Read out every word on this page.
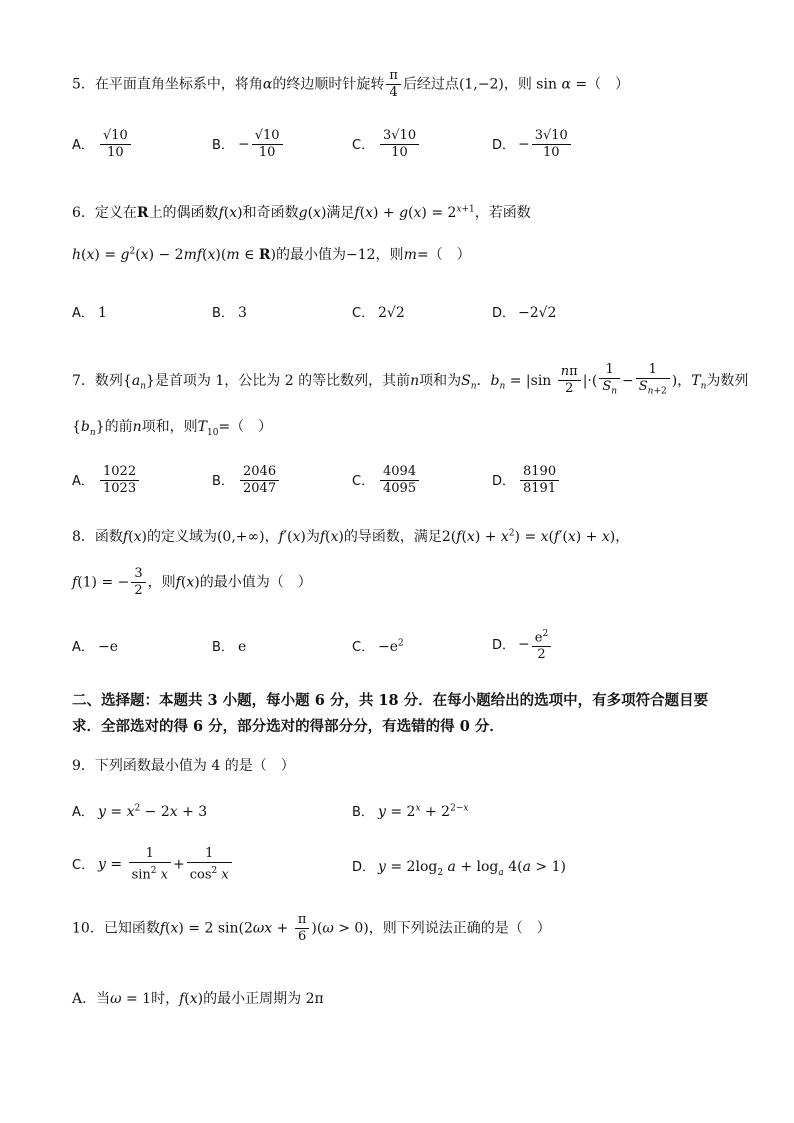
5．在平面直角坐标系中，将角α的终边顺时针旋转 $\frac{\pi}{4}$ 后经过点(1,−2)，则 sin α =（　）
A． $\frac{√10}{10}$	B． − $\frac{√10}{10}$	C． $\frac{3√10}{10}$	D． − $\frac{3√10}{10}$
6．定义在R上的偶函数f(x)和奇函数g(x)满足$f(x) + g(x) = 2^{x+1}$，若函数
$h(x) = g^2(x) - 2mf(x)(m$ ∈ R)的最小值为−12，则m=（　）
A． 1	B． 3	C． 2√2	D． −2√2
7．数列$\{a_n\}$是首项为 1，公比为 2 的等比数列，其前n项和为$S_n$．$b_n = |\sin \frac{n\pi}{2}$ |·( $\frac{1}{S_n} - \frac{1}{S_{n+2}}$ )，$T_n$为数列
$\{b_n\}$的前n项和，则$T_{10}=$（　）
A． $\frac{1022}{1023}$	B． $\frac{2046}{2047}$	C． $\frac{4094}{4095}$	D． $\frac{8190}{8191}$
8．函数f(x)的定义域为(0,+∞)，f′(x)为f(x)的导函数，满足$2(f(x) + x^2) = x(f'(x) + x)$，
f(1) = − $\frac{3}{2}$ ，则f(x)的最小值为（　）
A． −e	B． e	C． $-e^2$	D． − $\frac{e^2}{2}$
二、选择题：本题共 3 小题，每小题 6 分，共 18 分．在每小题给出的选项中，有多项符合题目要求．全部选对的得 6 分，部分选对的得部分分，有选错的得 0 分．
9．下列函数最小值为 4 的是（　）
A． $y = x^2 - 2x + 3$	B． $y = 2^x + 2^{2-x}$
C． $y = \frac{1}{\sin^2 x} + \frac{1}{\cos^2 x}$	D． $y = 2\log_2$ $a + \log_a 4(a > 1)$
10．已知函数f(x) = 2 $\sin(2\omega x + \frac{\pi}{6} )(\omega > 0)$，则下列说法正确的是（　）
A．当ω = 1时，f(x)的最小正周期为 2π
